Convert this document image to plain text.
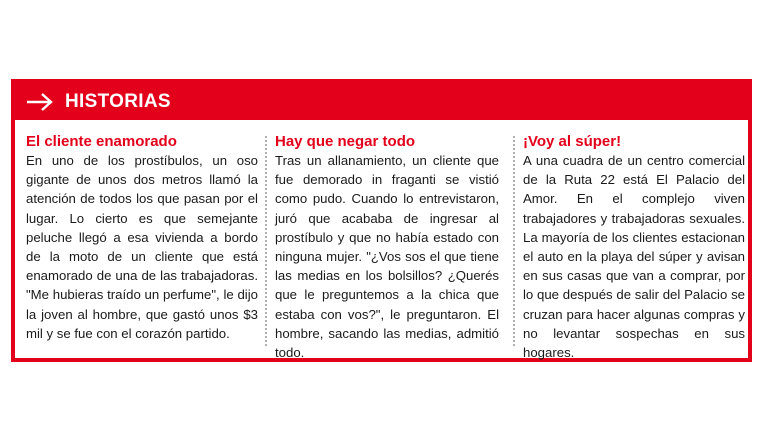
HISTORIAS
El cliente enamorado

En uno de los prostíbulos, un oso gigante de unos dos metros llamó la atención de todos los que pasan por el lugar. Lo cierto es que semejante peluche llegó a esa vivienda a bordo de la moto de un cliente que está enamorado de una de las trabajadoras. "Me hubieras traído un perfume", le dijo la joven al hombre, que gastó unos $3 mil y se fue con el corazón partido.

Hay que negar todo

Tras un allanamiento, un cliente que fue demorado in fraganti se vistió como pudo. Cuando lo entrevistaron, juró que acababa de ingresar al prostíbulo y que no había estado con ninguna mujer. "¿Vos sos el que tiene las medias en los bolsillos? ¿Querés que le preguntemos a la chica que estaba con vos?", le preguntaron. El hombre, sacando las medias, admitió todo.

¡Voy al súper!

A una cuadra de un centro comercial de la Ruta 22 está El Palacio del Amor. En el complejo viven trabajadores y trabajadoras sexuales. La mayoría de los clientes estacionan el auto en la playa del súper y avisan en sus casas que van a comprar, por lo que después de salir del Palacio se cruzan para hacer algunas compras y no levantar sospechas en sus hogares.
